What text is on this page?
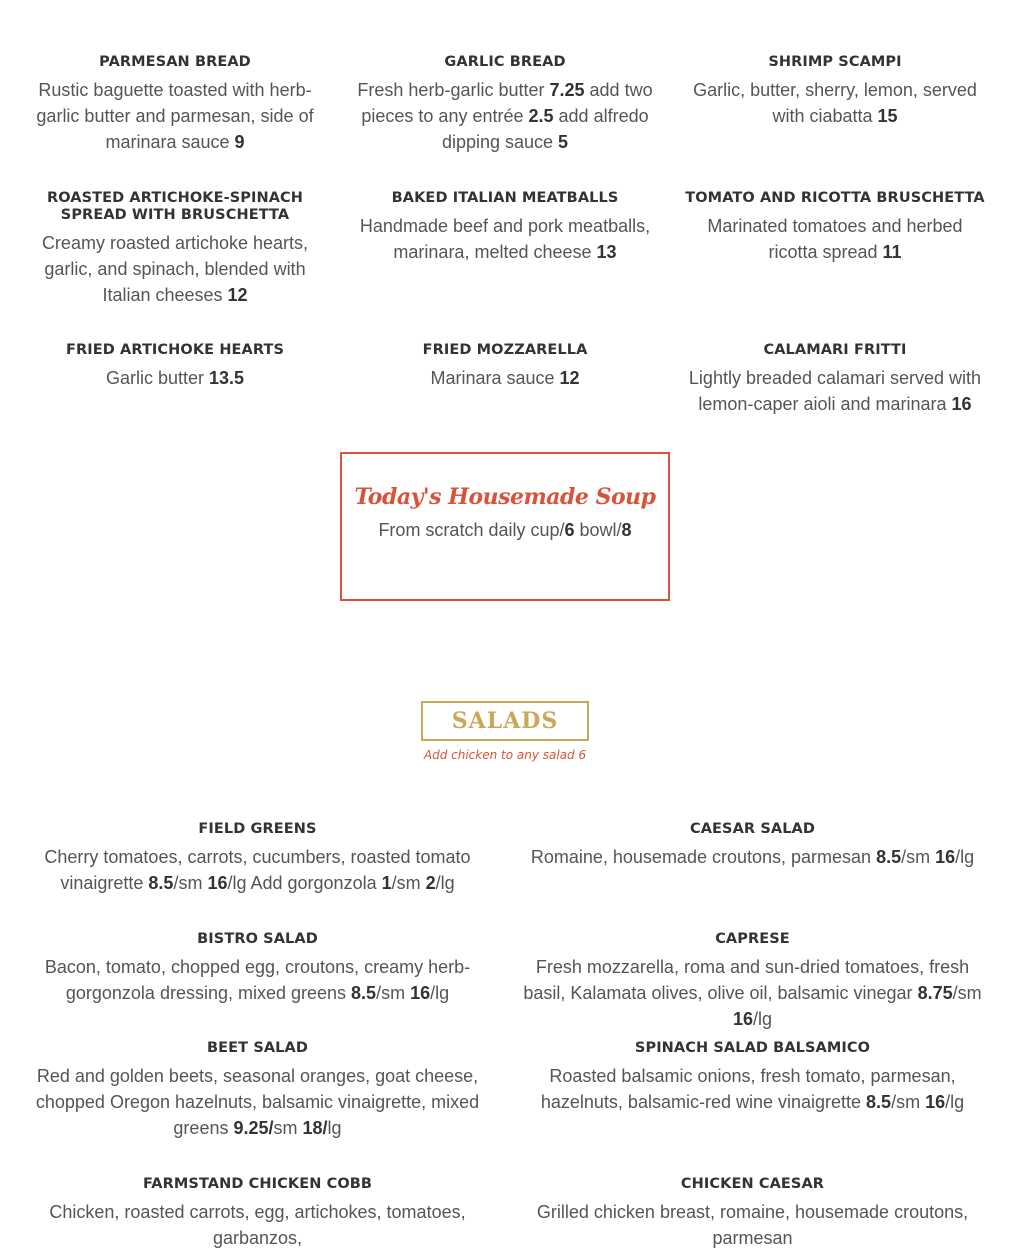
PARMESAN BREAD
Rustic baguette toasted with herb-garlic butter and parmesan, side of marinara sauce 9
GARLIC BREAD
Fresh herb-garlic butter 7.25 add two pieces to any entrée 2.5 add alfredo dipping sauce 5
SHRIMP SCAMPI
Garlic, butter, sherry, lemon, served with ciabatta 15
ROASTED ARTICHOKE-SPINACH SPREAD WITH BRUSCHETTA
Creamy roasted artichoke hearts, garlic, and spinach, blended with Italian cheeses 12
BAKED ITALIAN MEATBALLS
Handmade beef and pork meatballs, marinara, melted cheese 13
TOMATO AND RICOTTA BRUSCHETTA
Marinated tomatoes and herbed ricotta spread 11
FRIED ARTICHOKE HEARTS
Garlic butter 13.5
FRIED MOZZARELLA
Marinara sauce 12
CALAMARI FRITTI
Lightly breaded calamari served with lemon-caper aioli and marinara 16
Today's Housemade Soup
From scratch daily cup/6 bowl/8
SALADS
Add chicken to any salad 6
FIELD GREENS
Cherry tomatoes, carrots, cucumbers, roasted tomato vinaigrette 8.5/sm 16/lg Add gorgonzola 1/sm 2/lg
CAESAR SALAD
Romaine, housemade croutons, parmesan 8.5/sm 16/lg
BISTRO SALAD
Bacon, tomato, chopped egg, croutons, creamy herb-gorgonzola dressing, mixed greens 8.5/sm 16/lg
CAPRESE
Fresh mozzarella, roma and sun-dried tomatoes, fresh basil, Kalamata olives, olive oil, balsamic vinegar 8.75/sm 16/lg
BEET SALAD
Red and golden beets, seasonal oranges, goat cheese, chopped Oregon hazelnuts, balsamic vinaigrette, mixed greens 9.25/sm 18/lg
SPINACH SALAD BALSAMICO
Roasted balsamic onions, fresh tomato, parmesan, hazelnuts, balsamic-red wine vinaigrette 8.5/sm 16/lg
FARMSTAND CHICKEN COBB
Chicken, roasted carrots, egg, artichokes, tomatoes, garbanzos,
CHICKEN CAESAR
Grilled chicken breast, romaine, housemade croutons, parmesan
